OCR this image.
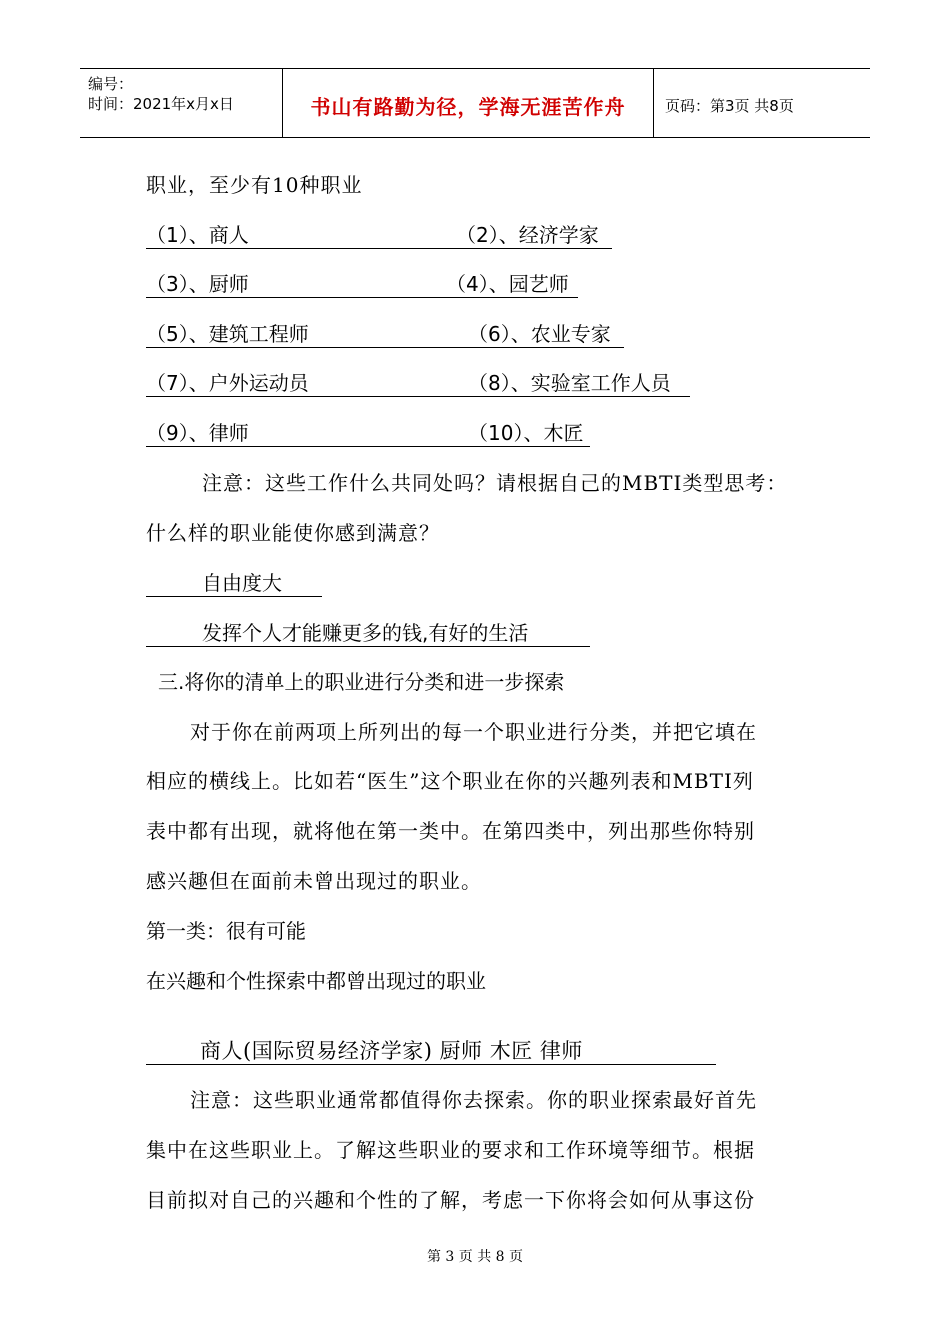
编号：
时间：2021年x月x日	书山有路勤为径，学海无涯苦作舟	页码：第3页 共8页
职业，至少有10种职业
（1）、商人	（2）、经济学家
（3）、厨师	（4）、园艺师
（5）、建筑工程师	（6）、农业专家
（7）、户外运动员	（8）、实验室工作人员
（9）、律师	（10）、木匠
注意：这些工作什么共同处吗？请根据自己的MBTI类型思考：
什么样的职业能使你感到满意？
自由度大
发挥个人才能赚更多的钱,有好的生活
三.将你的清单上的职业进行分类和进一步探索
对于你在前两项上所列出的每一个职业进行分类，并把它填在
相应的横线上。比如若“医生”这个职业在你的兴趣列表和MBTI列
表中都有出现，就将他在第一类中。在第四类中，列出那些你特别
感兴趣但在面前未曾出现过的职业。
第一类：很有可能
在兴趣和个性探索中都曾出现过的职业
商人(国际贸易经济学家) 厨师 木匠 律师
注意：这些职业通常都值得你去探索。你的职业探索最好首先
集中在这些职业上。了解这些职业的要求和工作环境等细节。根据
目前拟对自己的兴趣和个性的了解，考虑一下你将会如何从事这份
第 3 页 共 8 页
